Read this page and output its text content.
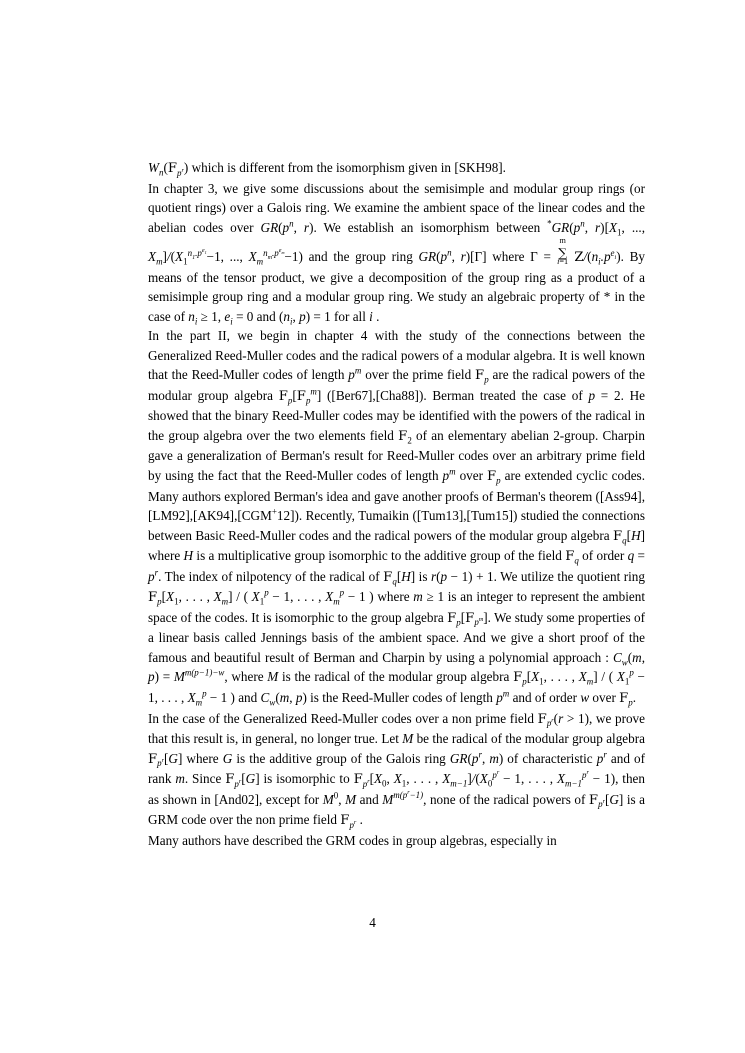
$W_n(F_{p^r})$ which is different from the isomorphism given in [SKH98].

In chapter 3, we give some discussions about the semisimple and modular group rings (or quotient rings) over a Galois ring. We examine the ambient space of the linear codes and the abelian codes over $GR(p^n$, r). We establish an isomorphism between $^*GR(p^n$, $r)[X_1$, ..., $X_m]/(X_1^{n_1.p^{e_1}}-1$, ..., $X_m^{n_m.p^{e_m}}-1$) and the group ring $GR(p^n$, r)[Γ] where Γ =
m
∑
i=1 $Z/(n_i.p^{e_i})$. By means of the tensor product, we give a decomposition of the group ring as a product of a semisimple group ring and a modular group ring. We study an algebraic property of * in the case of $n_i \ge 1$, $e_i = 0$ and ($n_i$, p) = 1 for all i .

In the part II, we begin in chapter 4 with the study of the connections between the Generalized Reed-Muller codes and the radical powers of a modular algebra. It is well known that the Reed-Muller codes of length $p^m$ over the prime field $F_p$ are the radical powers of the modular group algebra $F_p[F_p^m]$ ([Ber67],[Cha88]). Berman treated the case of p = 2. He showed that the binary Reed-Muller codes may be identified with the powers of the radical in the group algebra over the two elements field $F_2$ of an elementary abelian 2-group. Charpin gave a generalization of Berman's result for Reed-Muller codes over an arbitrary prime field by using the fact that the Reed-Muller codes of length $p^m$ over $F_p$ are extended cyclic codes. Many authors explored Berman's idea and gave another proofs of Berman's theorem ([Ass94],[LM92],[AK94],[CGM+12]). Recently, Tumaikin ([Tum13],[Tum15]) studied the connections between Basic Reed-Muller codes and the radical powers of the modular group algebra $F_q[H]$ where H is a multiplicative group isomorphic to the additive group of the field $F_q$ of order $q = p^r$. The index of nilpotency of the radical of $F_q[H]$ is r(p − 1) + 1. We utilize the quotient ring $F_p[X_1$, . . . , $X_m$] / ( $X_1^p - 1$, . . . , $X_m^p - 1$ ) where m ≥ 1 is an integer to represent the ambient space of the codes. It is isomorphic to the group algebra $F_p[F_{p^m}]$. We study some properties of a linear basis called Jennings basis of the ambient space. And we give a short proof of the famous and beautiful result of Berman and Charpin by using a polynomial approach : $C_w(m$, $p) = M^{m(p-1)-w}$, where M is the radical of the modular group algebra $F_p[X_1$, . . . , $X_m$] / ( $X_1^p - 1$, . . . , $X_m^p - 1$ ) and $C_w(m$, p) is the Reed-Muller codes of length $p^m$ and of order w over $F_p$.

In the case of the Generalized Reed-Muller codes over a non prime field $F_{p^r}(r > 1)$, we prove that this result is, in general, no longer true. Let M be the radical of the modular group algebra $F_{p^r}[G]$ where G is the additive group of the Galois ring $GR(p^r$, m) of characteristic $p^r$ and of rank m. Since $F_{p^r}[G]$ is isomorphic to $F_{p^r}[X_0$, $X_1$, . . . , $X_{m-1}]/(X_0^{p^r} - 1$, . . . , $X_{m-1}^{p^r} - 1$), then as shown in [And02], except for $M^0$, M and $M^{m(p^r-1)}$, none of the radical powers of $F_{p^r}[G]$ is a GRM code over the non prime field $F_{p^r}$ .

Many authors have described the GRM codes in group algebras, especially in

4
